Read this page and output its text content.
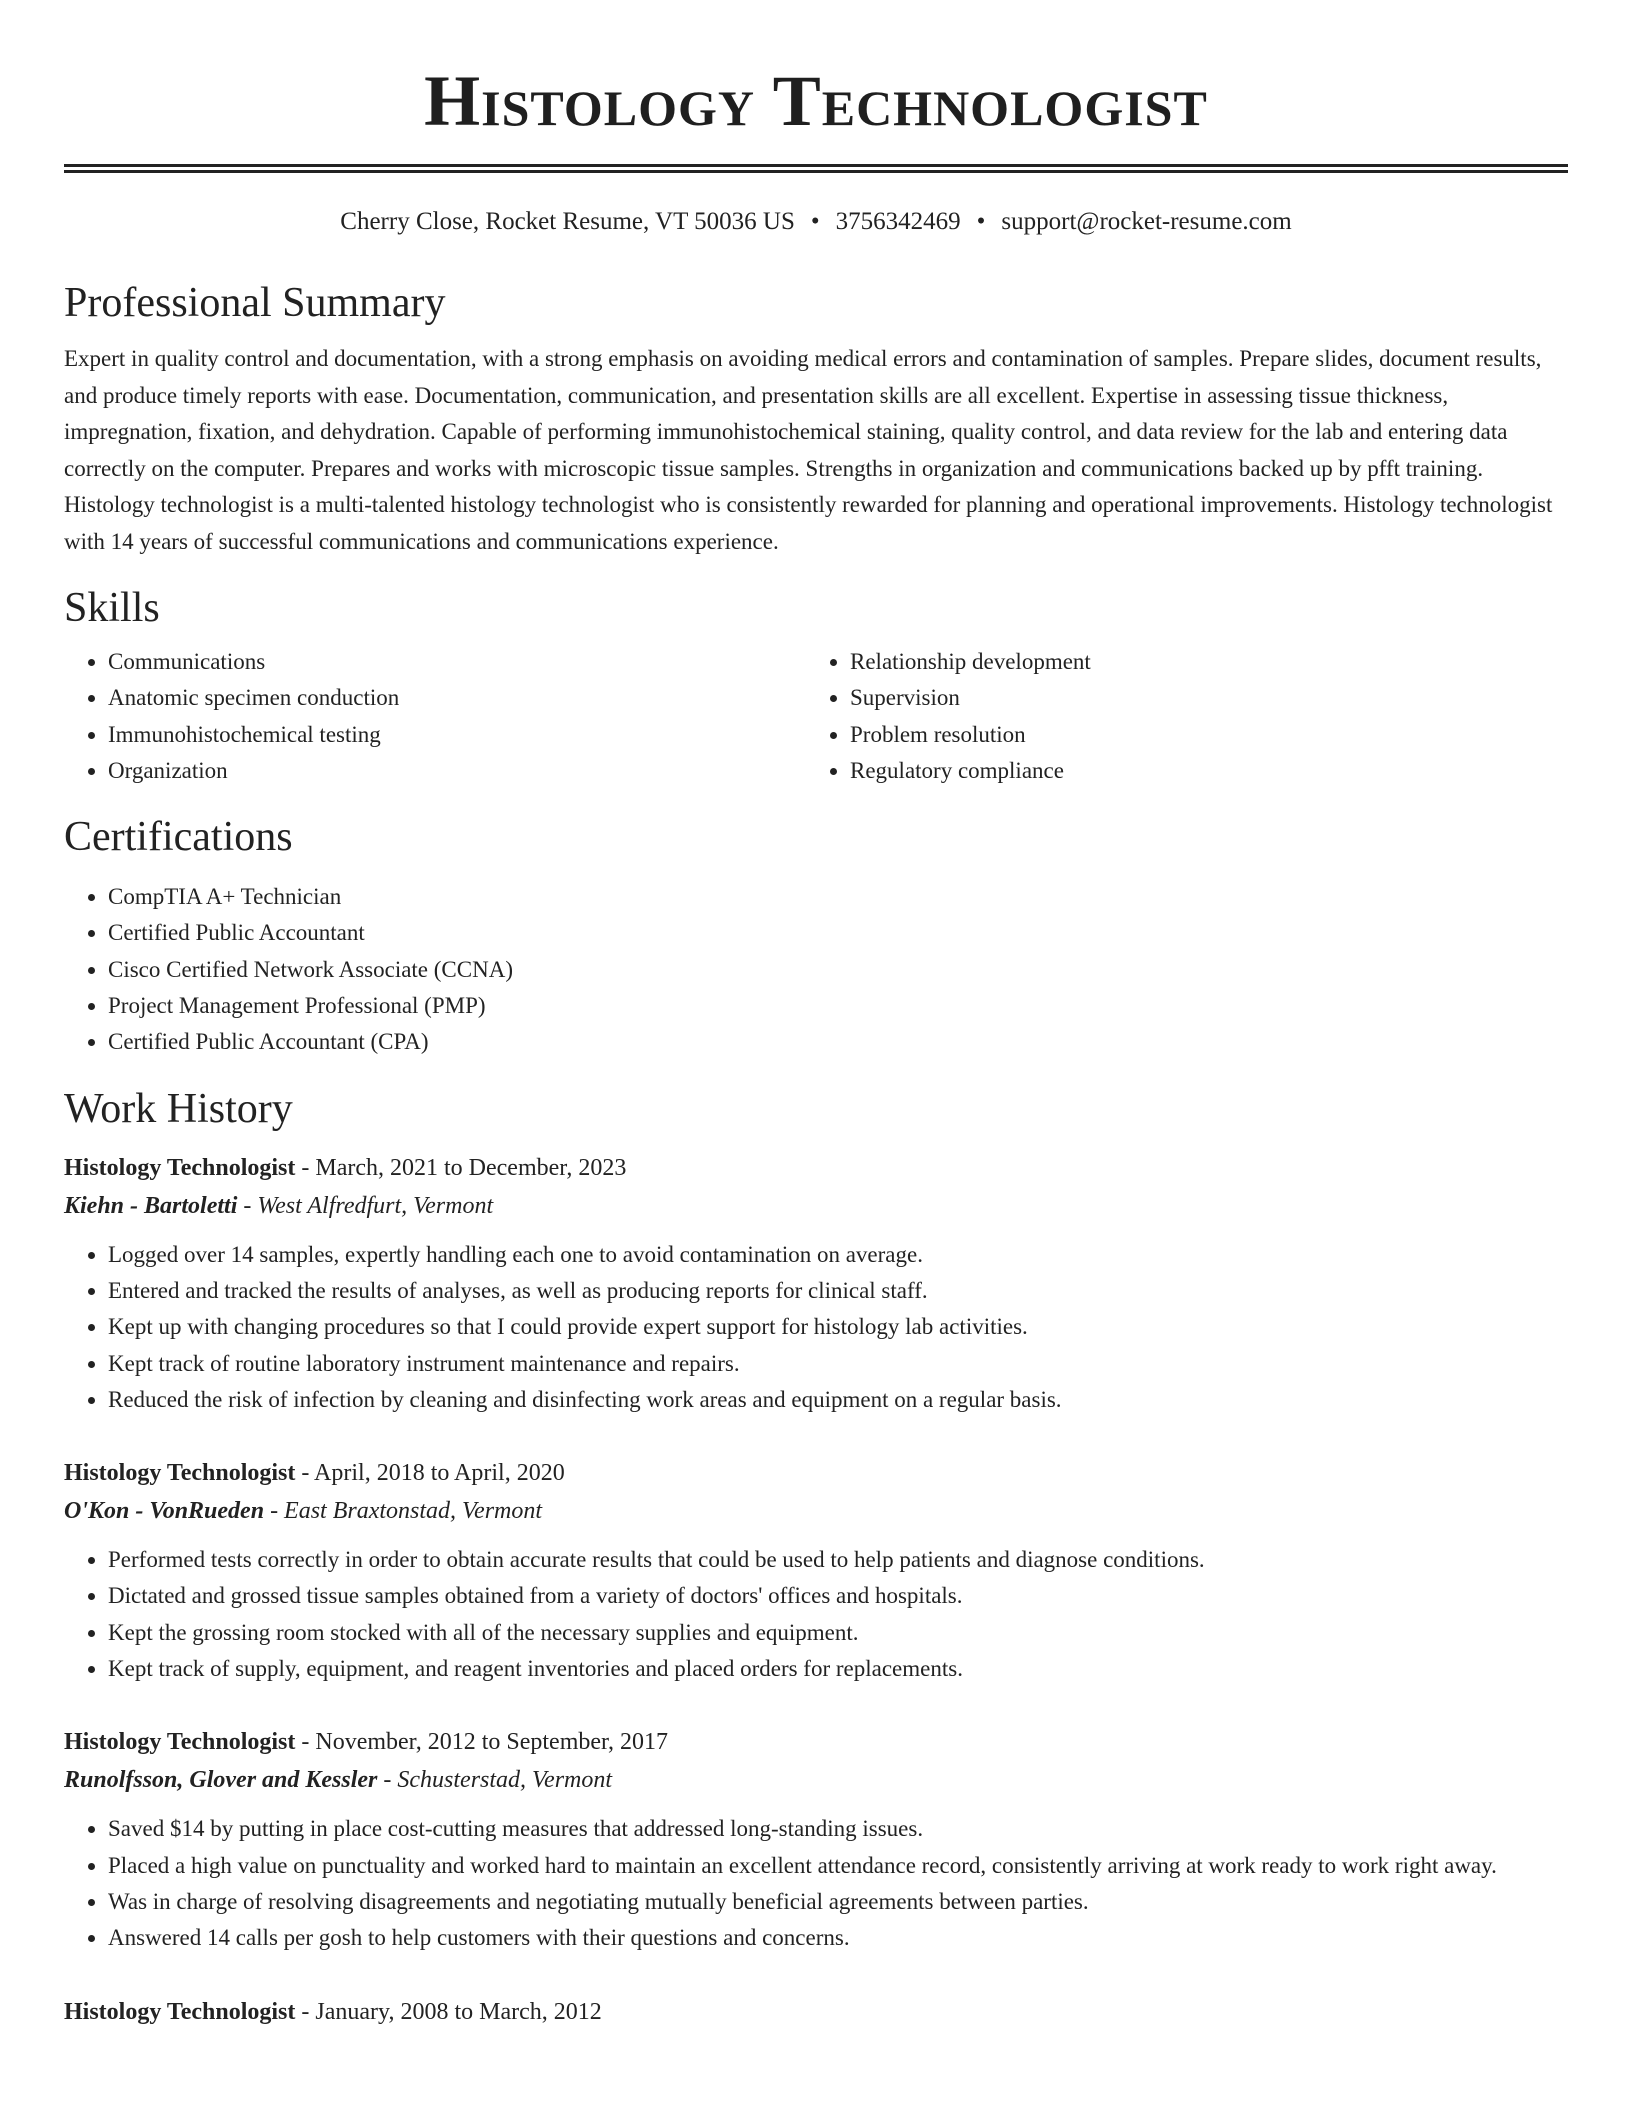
Histology Technologist
Cherry Close, Rocket Resume, VT 50036 US • 3756342469 • support@rocket-resume.com
Professional Summary

Expert in quality control and documentation, with a strong emphasis on avoiding medical errors and contamination of samples. Prepare slides, document results, and produce timely reports with ease. Documentation, communication, and presentation skills are all excellent. Expertise in assessing tissue thickness, impregnation, fixation, and dehydration. Capable of performing immunohistochemical staining, quality control, and data review for the lab and entering data correctly on the computer. Prepares and works with microscopic tissue samples. Strengths in organization and communications backed up by pfft training. Histology technologist is a multi-talented histology technologist who is consistently rewarded for planning and operational improvements. Histology technologist with 14 years of successful communications and communications experience.

Skills
• Communications
• Anatomic specimen conduction
• Immunohistochemical testing
• Organization
• Relationship development
• Supervision
• Problem resolution
• Regulatory compliance
Certifications
• CompTIA A+ Technician
• Certified Public Accountant
• Cisco Certified Network Associate (CCNA)
• Project Management Professional (PMP)
• Certified Public Accountant (CPA)
Work History
Histology Technologist - March, 2021 to December, 2023
Kiehn - Bartoletti - West Alfredfurt, Vermont
• Logged over 14 samples, expertly handling each one to avoid contamination on average.
• Entered and tracked the results of analyses, as well as producing reports for clinical staff.
• Kept up with changing procedures so that I could provide expert support for histology lab activities.
• Kept track of routine laboratory instrument maintenance and repairs.
• Reduced the risk of infection by cleaning and disinfecting work areas and equipment on a regular basis.
Histology Technologist - April, 2018 to April, 2020
O'Kon - VonRueden - East Braxtonstad, Vermont
• Performed tests correctly in order to obtain accurate results that could be used to help patients and diagnose conditions.
• Dictated and grossed tissue samples obtained from a variety of doctors' offices and hospitals.
• Kept the grossing room stocked with all of the necessary supplies and equipment.
• Kept track of supply, equipment, and reagent inventories and placed orders for replacements.
Histology Technologist - November, 2012 to September, 2017
Runolfsson, Glover and Kessler - Schusterstad, Vermont
• Saved $14 by putting in place cost-cutting measures that addressed long-standing issues.
• Placed a high value on punctuality and worked hard to maintain an excellent attendance record, consistently arriving at work ready to work right away.
• Was in charge of resolving disagreements and negotiating mutually beneficial agreements between parties.
• Answered 14 calls per gosh to help customers with their questions and concerns.
Histology Technologist - January, 2008 to March, 2012
